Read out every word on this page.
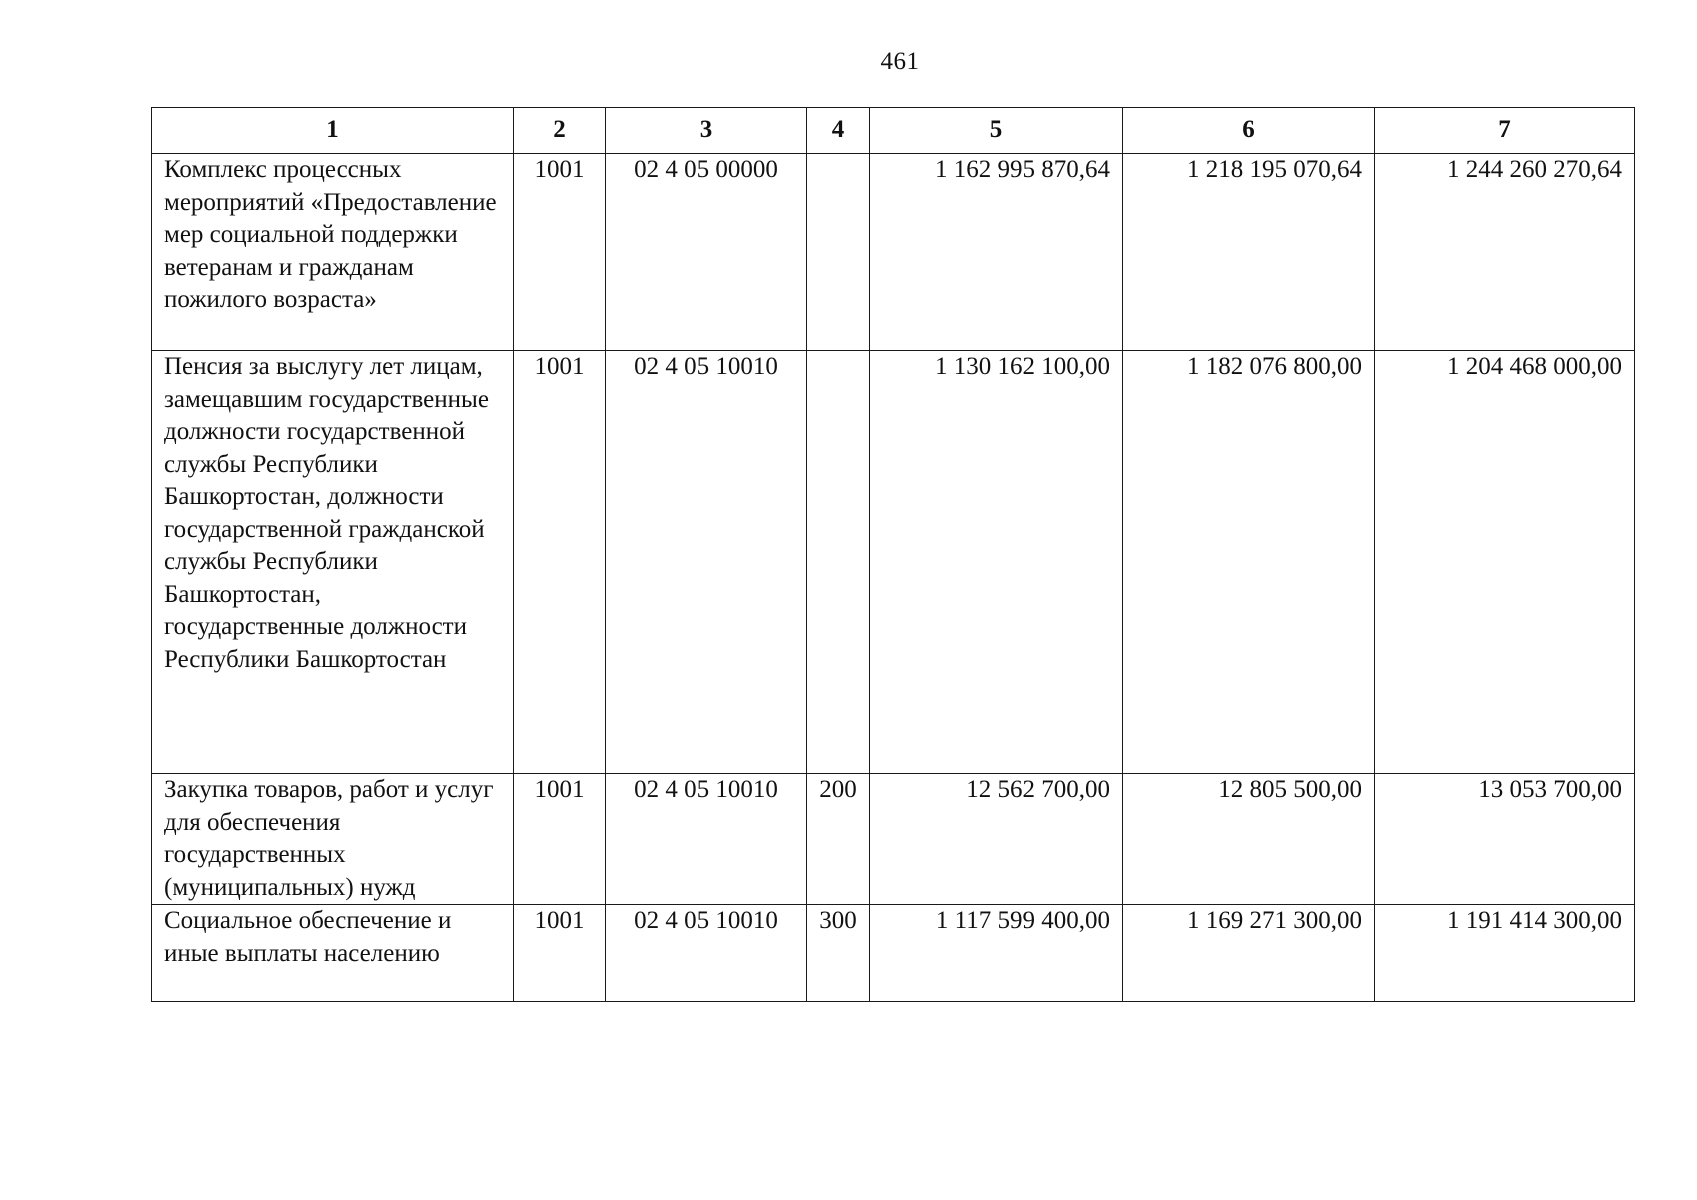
461
1	2	3	4	5	6	7
Комплекс процессных мероприятий «Предоставление мер социальной поддержки ветеранам и гражданам пожилого возраста»	1001	02 4 05 00000		1 162 995 870,64	1 218 195 070,64	1 244 260 270,64
Пенсия за выслугу лет лицам, замещавшим государственные должности государственной службы Республики Башкортостан, должности государственной гражданской службы Республики Башкортостан, государственные должности Республики Башкортостан	1001	02 4 05 10010		1 130 162 100,00	1 182 076 800,00	1 204 468 000,00
Закупка товаров, работ и услуг для обеспечения государственных (муниципальных) нужд	1001	02 4 05 10010	200	12 562 700,00	12 805 500,00	13 053 700,00
Социальное обеспечение и иные выплаты населению	1001	02 4 05 10010	300	1 117 599 400,00	1 169 271 300,00	1 191 414 300,00
